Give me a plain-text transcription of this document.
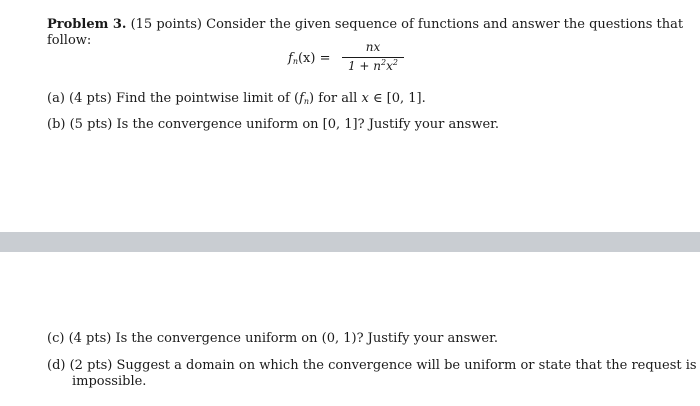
Problem 3. (15 points) Consider the given sequence of functions and answer the questions that
follow:
$f_n(x)$ =
nx
$1 + n^2x^2$
(a) (4 pts) Find the pointwise limit of $(f_n)$ for all x ∈ [0, 1].
(b) (5 pts) Is the convergence uniform on [0, 1]? Justify your answer.
(c) (4 pts) Is the convergence uniform on (0, 1)? Justify your answer.
(d) (2 pts) Suggest a domain on which the convergence will be uniform or state that the request is
impossible.
